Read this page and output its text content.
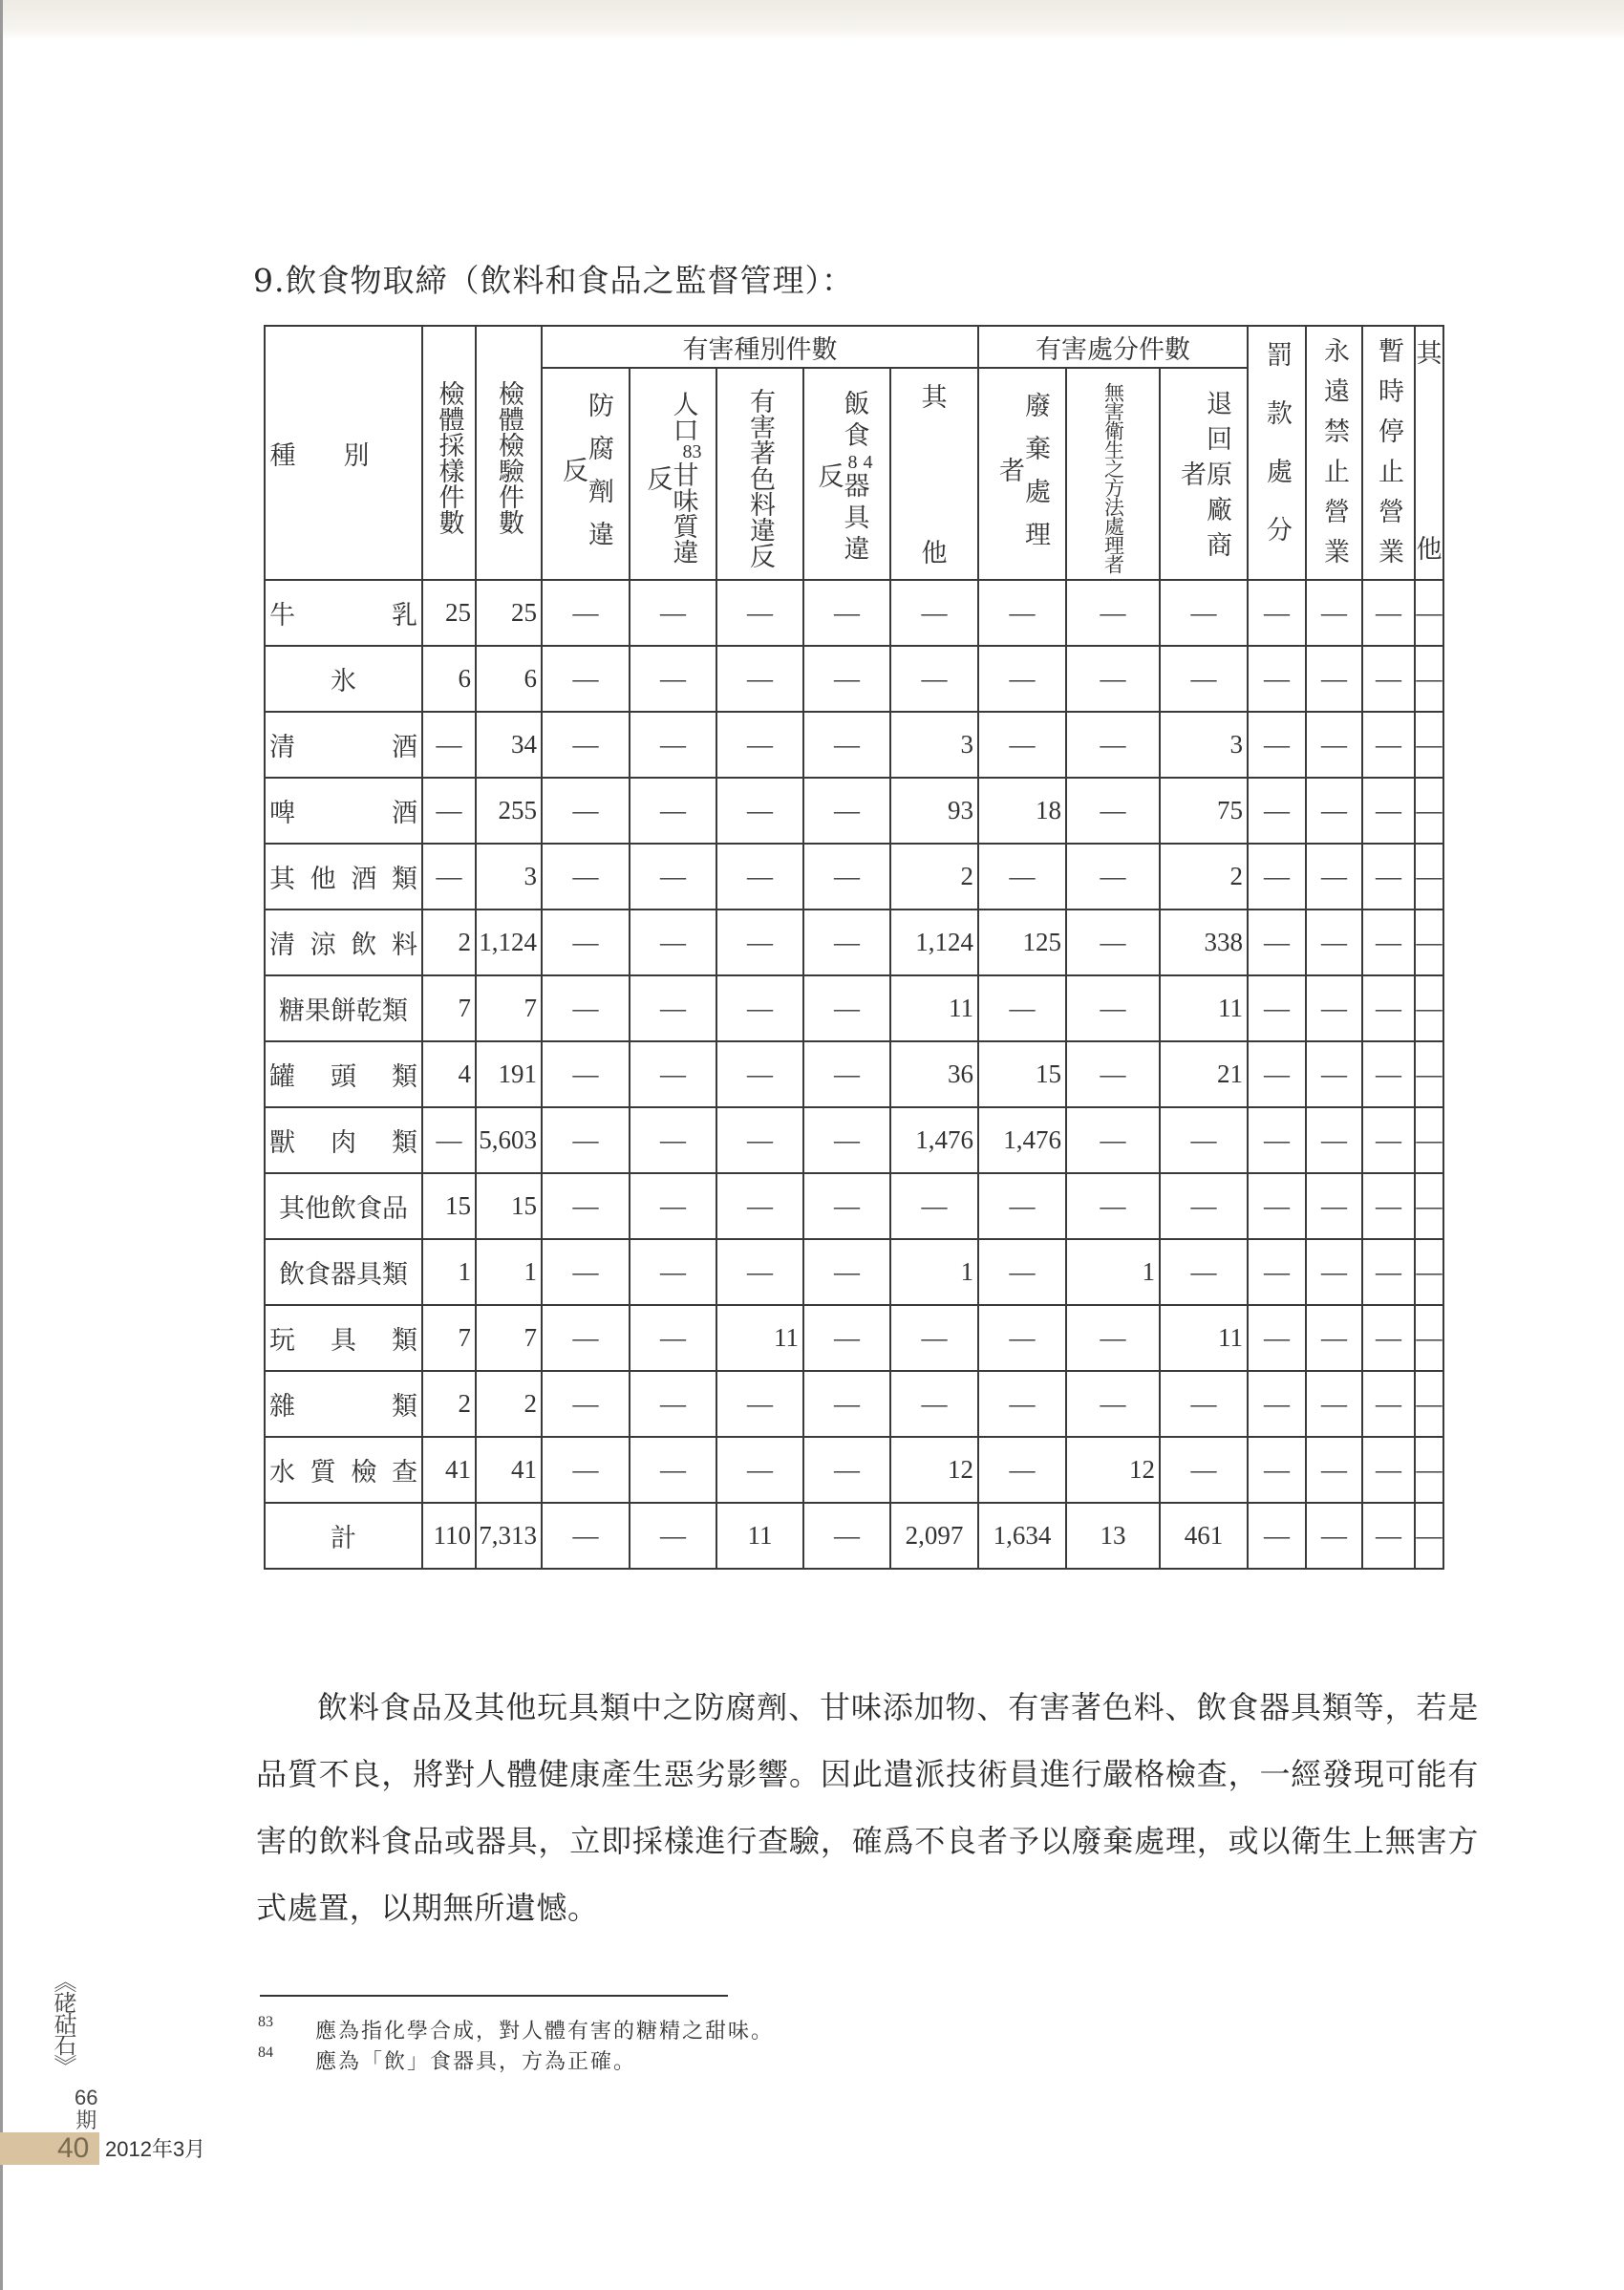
9.飲食物取締（飲料和食品之監督管理）：
種別	檢體採樣件數	檢體檢驗件數	有害種別件數					有害處分件數			罰款處分	永遠禁止營業	暫時停止營業	其
他

			防腐劑違反	人口83甘味質違反	有害著色料違反	飯食84器具違反	其
他	廢棄處理者	無害衛生之方法處理者	退回原廠商者				

牛 乳	25	25	—	—	—	—	—	—	—	—	—	—	—	—

氷	6	6	—	—	—	—	—	—	—	—	—	—	—	—

清 酒	—	34	—	—	—	—	3	—	—	3	—	—	—	—

啤 酒	—	255	—	—	—	—	93	18	—	75	—	—	—	—

其 他 酒 類	—	3	—	—	—	—	2	—	—	2	—	—	—	—

清 涼 飲 料	2	1,124	—	—	—	—	1,124	125	—	338	—	—	—	—

糖果餅乾類	7	7	—	—	—	—	11	—	—	11	—	—	—	—

罐 頭 類	4	191	—	—	—	—	36	15	—	21	—	—	—	—

獸 肉 類	—	5,603	—	—	—	—	1,476	1,476	—	—	—	—	—	—

其他飲食品	15	15	—	—	—	—	—	—	—	—	—	—	—	—

飲食器具類	1	1	—	—	—	—	1	—	1	—	—	—	—	—

玩 具 類	7	7	—	—	11	—	—	—	—	11	—	—	—	—

雜 類	2	2	—	—	—	—	—	—	—	—	—	—	—	—

水 質 檢 查	41	41	—	—	—	—	12	—	12	—	—	—	—	—

計	110	7,313	—	—	11	—	2,097	1,634	13	461	—	—	—	—
飲料食品及其他玩具類中之防腐劑、甘味添加物、有害著色料、飲食器具類等，若是品質不良，將對人體健康產生惡劣影響。因此遣派技術員進行嚴格檢查，一經發現可能有害的飲料食品或器具，立即採樣進行查驗，確爲不良者予以廢棄處理，或以衛生上無害方式處置，以期無所遺憾。
83	應為指化學合成，對人體有害的糖精之甜味。
84	應為「飲」食器具，方為正確。
《硓𥑮石》
66
期
40 2012年3月
